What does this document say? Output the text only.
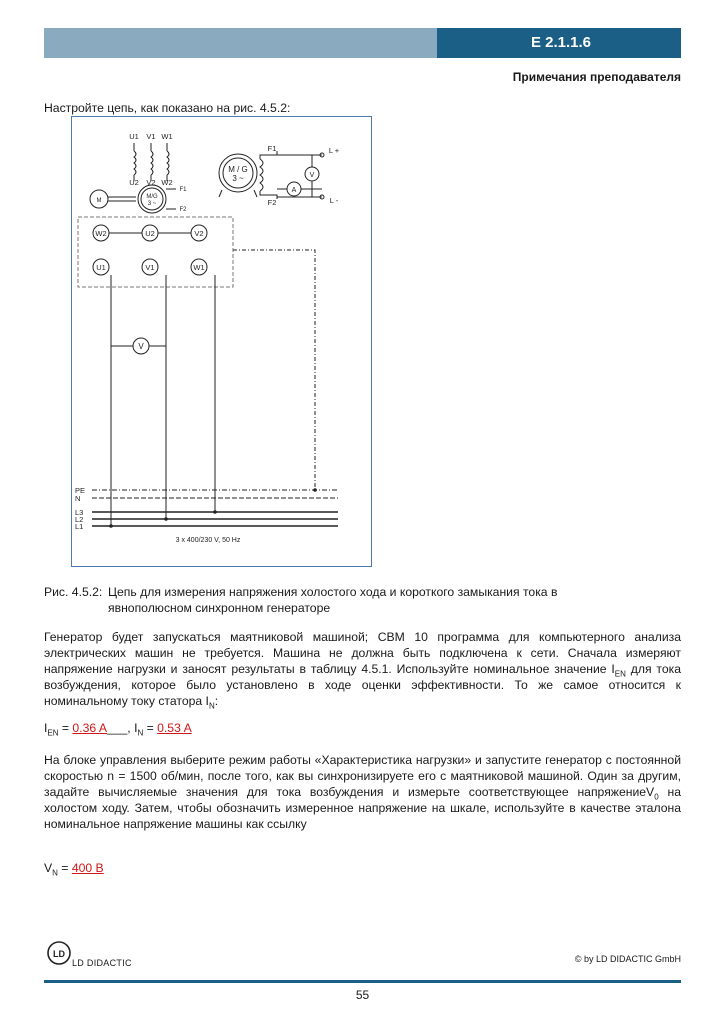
E 2.1.1.6
Примечания преподавателя
Настройте цепь, как показано на рис. 4.5.2:
U1 V1 W1
U2 V2 W2
M
M/G
3 ~
M / G
3 ~
F1
F2
F1
F2
L +
L -
A
V
W2	U2	V2
U1	V1	W1
V
3 x 400/230 V, 50 Hz
PE
N
L3
L2
L1
Рис. 4.5.2: Цепь для измерения напряжения холостого хода и короткого замыкания тока в
явнополюсном синхронном генераторе
Генератор будет запускаться маятниковой машиной; CBM 10 программа для компьютерного анализа электрических машин не требуется. Машина не должна быть подключена к сети. Сначала измеряют напряжение нагрузки и заносят результаты в таблицу 4.5.1. Используйте номинальное значение $I_{EN}$ для тока возбуждения, которое было установлено в ходе оценки эффективности. То же самое относится к номинальному току статора $I_N$:
$I_{EN} = 0.36$ A___, $I_N = 0.53$ A
На блоке управления выберите режим работы «Характеристика нагрузки» и запустите генератор с постоянной скоростью n = 1500 об/мин, после того, как вы синхронизируете его с маятниковой машиной. Один за другим, задайте вычисляемые значения для тока возбуждения и измерьте соответствующее напряжениеV$_0$ на холостом ходу. Затем, чтобы обозначить измеренное напряжение на шкале, используйте в качестве эталона номинальное напряжение машины как ссылку
$V_N = 400$ В
LD
LD DIDACTIC	© by LD DIDACTIC GmbH
55
